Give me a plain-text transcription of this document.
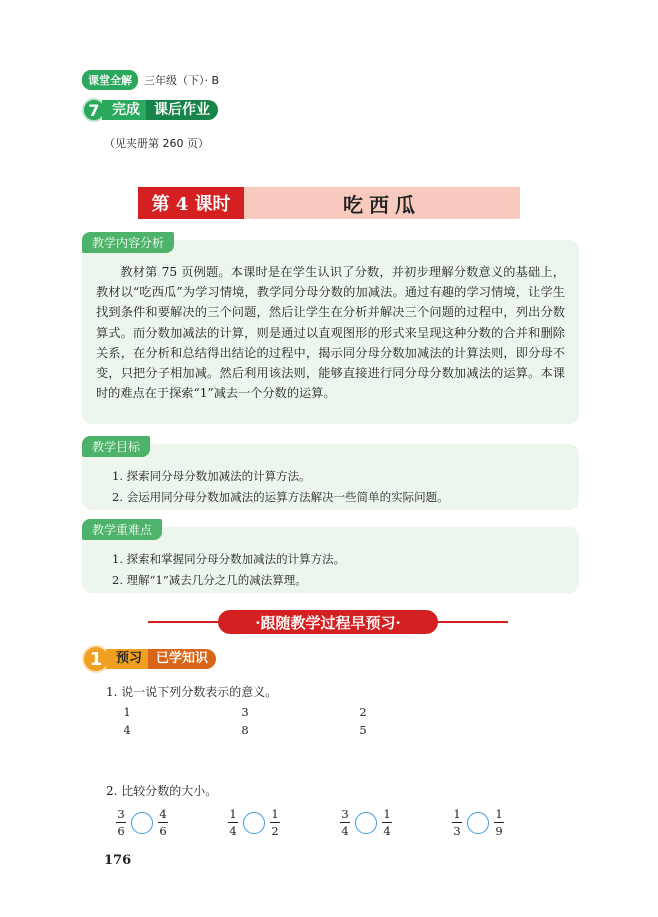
课堂全解	三年级（下）· B
7 完成	课后作业
（见夹册第 260 页）
第 4 课时	吃西瓜
教学内容分析

教材第 75 页例题。本课时是在学生认识了分数，并初步理解分数意义的基础上，教材以“吃西瓜”为学习情境，教学同分母分数的加减法。通过有趣的学习情境，让学生找到条件和要解决的三个问题，然后让学生在分析并解决三个问题的过程中，列出分数算式。而分数加减法的计算，则是通过以直观图形的形式来呈现这种分数的合并和删除关系，在分析和总结得出结论的过程中，揭示同分母分数加减法的计算法则，即分母不变，只把分子相加减。然后利用该法则，能够直接进行同分母分数加减法的运算。本课时的难点在于探索“1”减去一个分数的运算。

教学目标
1. 探索同分母分数加减法的计算方法。
2. 会运用同分母分数加减法的运算方法解决一些简单的实际问题。
教学重难点
1. 探索和掌握同分母分数加减法的计算方法。
2. 理解“1”减去几分之几的减法算理。
·跟随教学过程早预习·
1	预习	已学知识
1. 说一说下列分数表示的意义。
1
4
3
8
2
5
2. 比较分数的大小。
3
6
4
6
1
4
1
2
3
4
1
4
1
3
1
9
176
